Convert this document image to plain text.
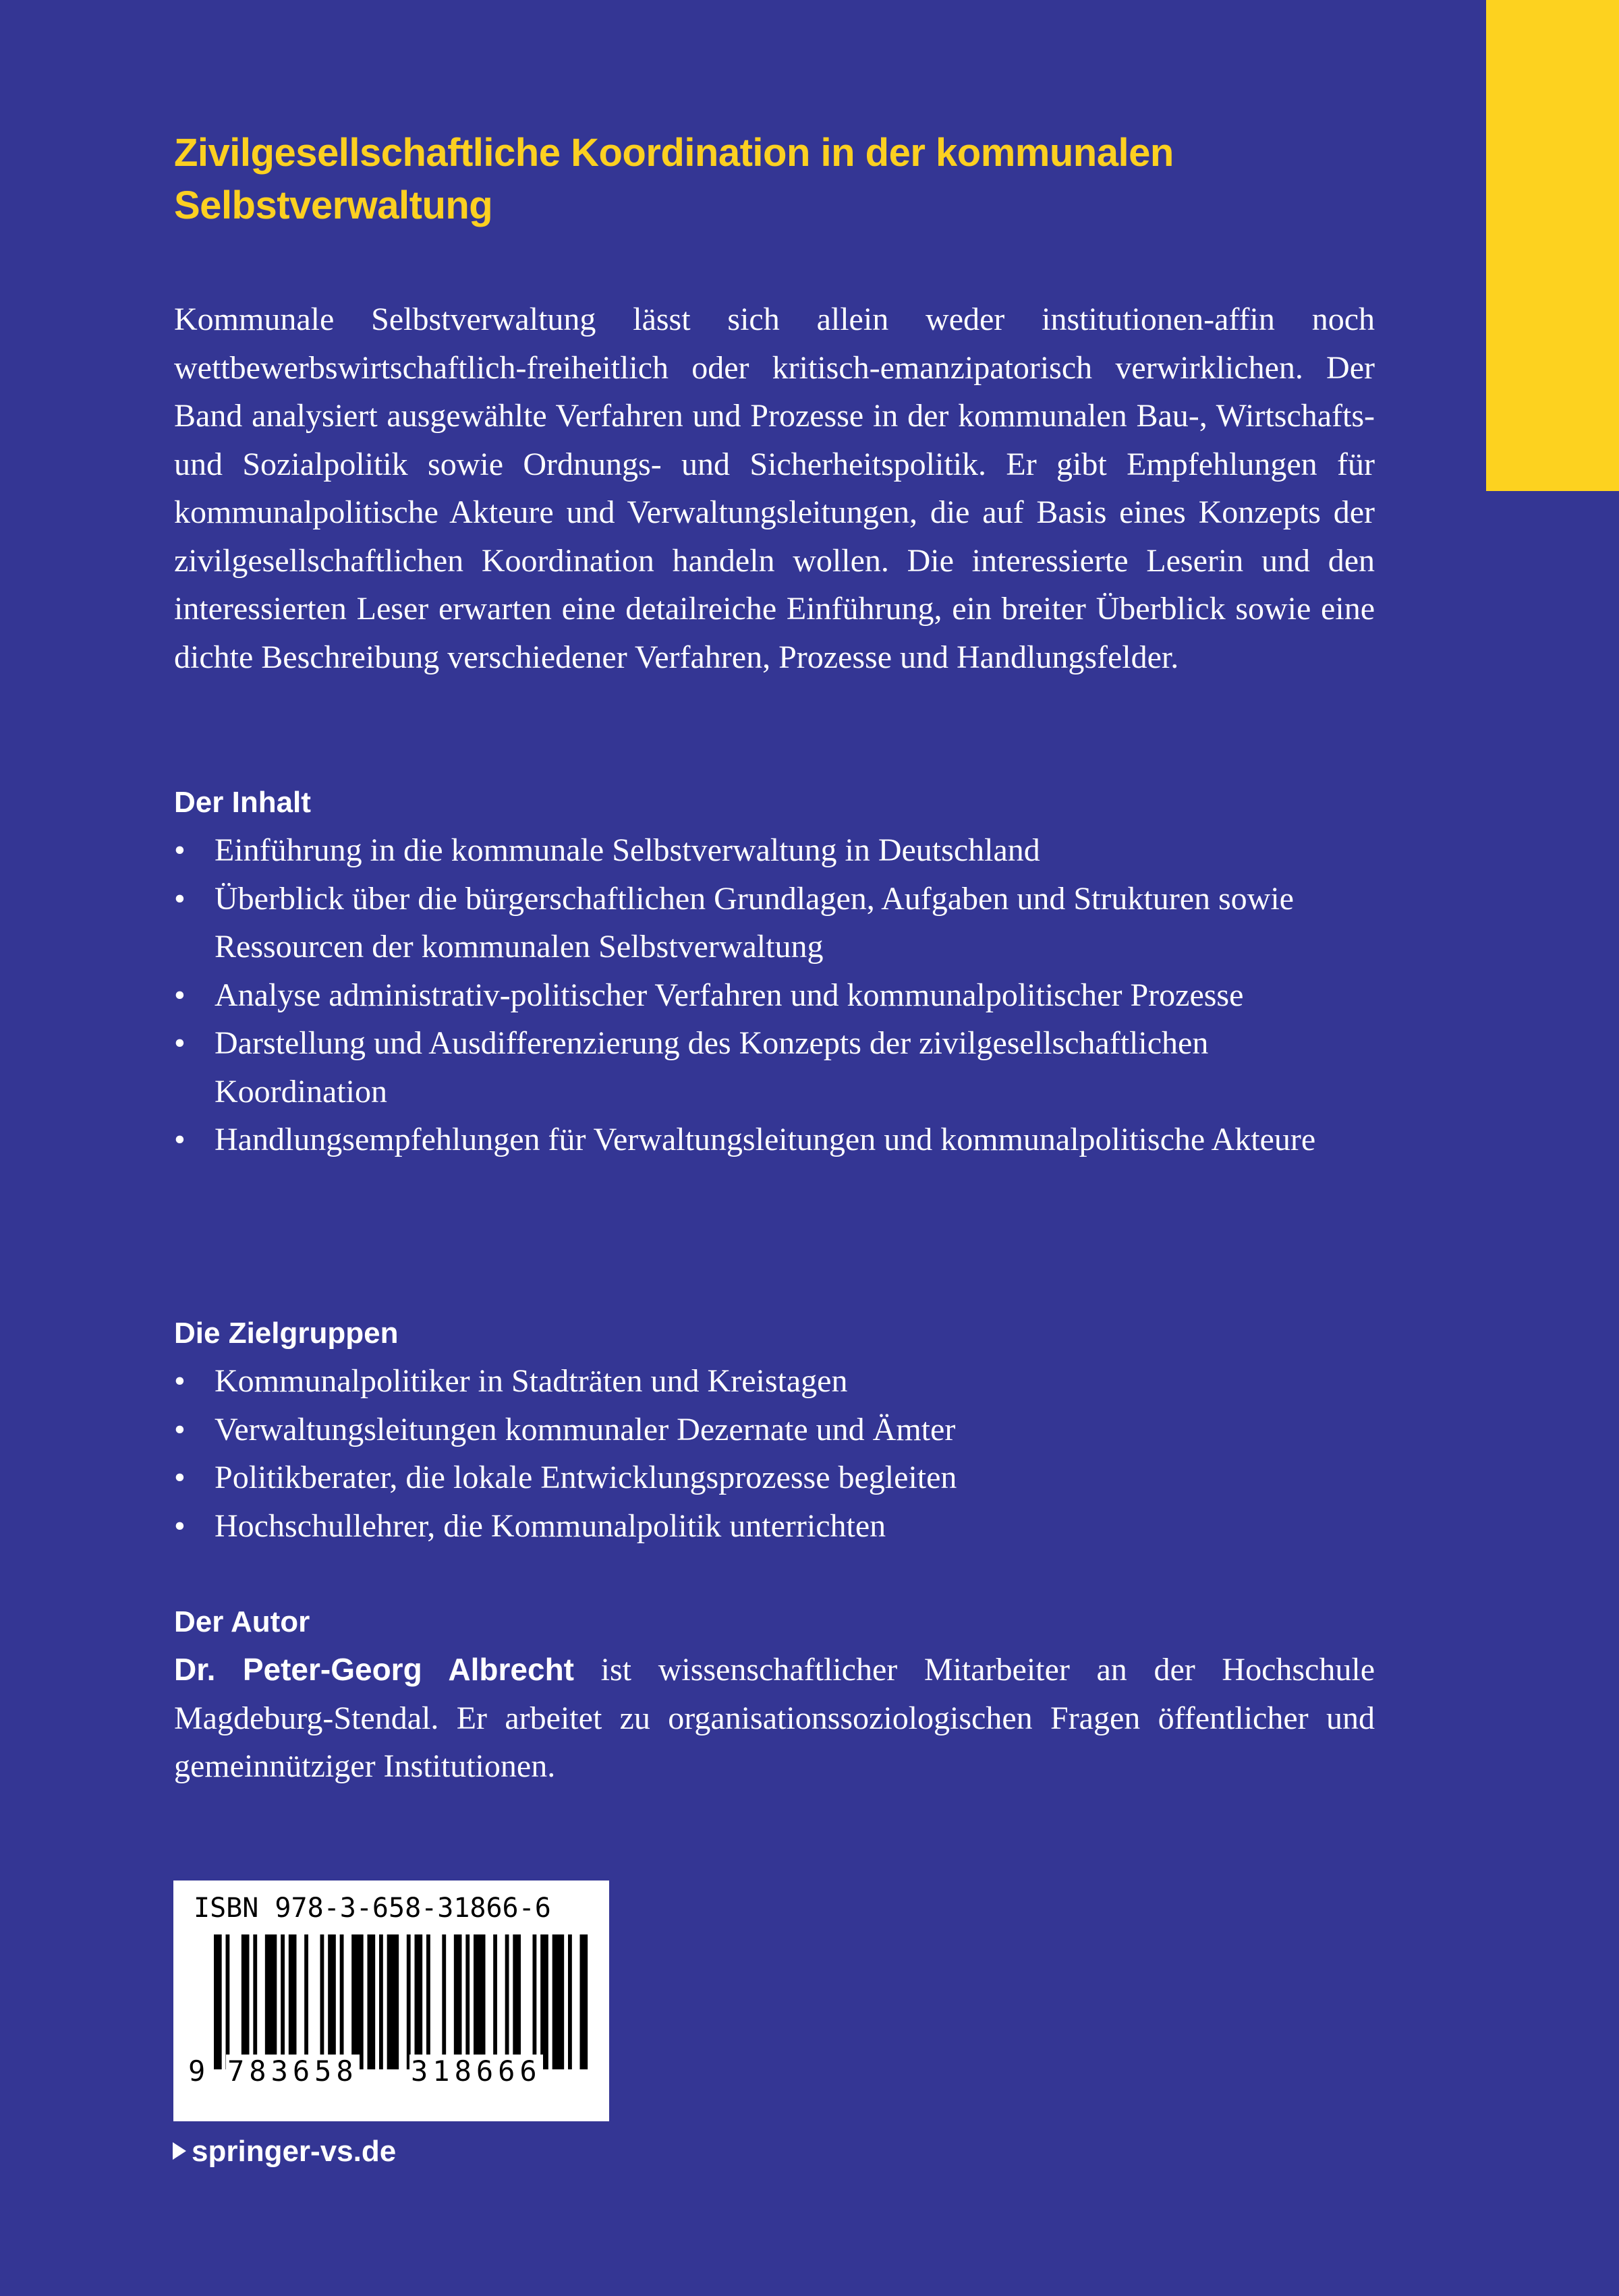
Zivilgesellschaftliche Koordination in der kommunalen Selbstverwaltung

Kommunale Selbstverwaltung lässt sich allein weder institutionen-affin noch wettbewerbswirtschaftlich-freiheitlich oder kritisch-emanzipatorisch verwirklichen. Der Band analysiert ausgewählte Verfahren und Prozesse in der kommunalen Bau-, Wirtschafts- und Sozialpolitik sowie Ordnungs- und Sicherheitspolitik. Er gibt Empfehlungen für kommunalpolitische Akteure und Verwaltungsleitungen, die auf Basis eines Konzepts der zivilgesellschaftlichen Koordination handeln wollen. Die interessierte Leserin und den interessierten Leser erwarten eine detailreiche Einführung, ein breiter Überblick sowie eine dichte Beschreibung verschiedener Verfahren, Prozesse und Handlungsfelder.

Der Inhalt
• Einführung in die kommunale Selbstverwaltung in Deutschland
• Überblick über die bürgerschaftlichen Grundlagen, Aufgaben und Strukturen sowie Ressourcen der kommunalen Selbstverwaltung
• Analyse administrativ-politischer Verfahren und kommunalpolitischer Prozesse
• Darstellung und Ausdifferenzierung des Konzepts der zivilgesellschaftlichen Koordination
• Handlungsempfehlungen für Verwaltungsleitungen und kommunalpolitische Akteure
Die Zielgruppen
• Kommunalpolitiker in Stadträten und Kreistagen
• Verwaltungsleitungen kommunaler Dezernate und Ämter
• Politikberater, die lokale Entwicklungsprozesse begleiten
• Hochschullehrer, die Kommunalpolitik unterrichten
Der Autor

Dr. Peter-Georg Albrecht ist wissenschaftlicher Mitarbeiter an der Hochschule Magdeburg-Stendal. Er arbeitet zu organisationssoziologischen Fragen öffentlicher und gemeinnütziger Institutionen.

ISBN 978-3-658-31866-6
9 783658 318666
springer-vs.de
